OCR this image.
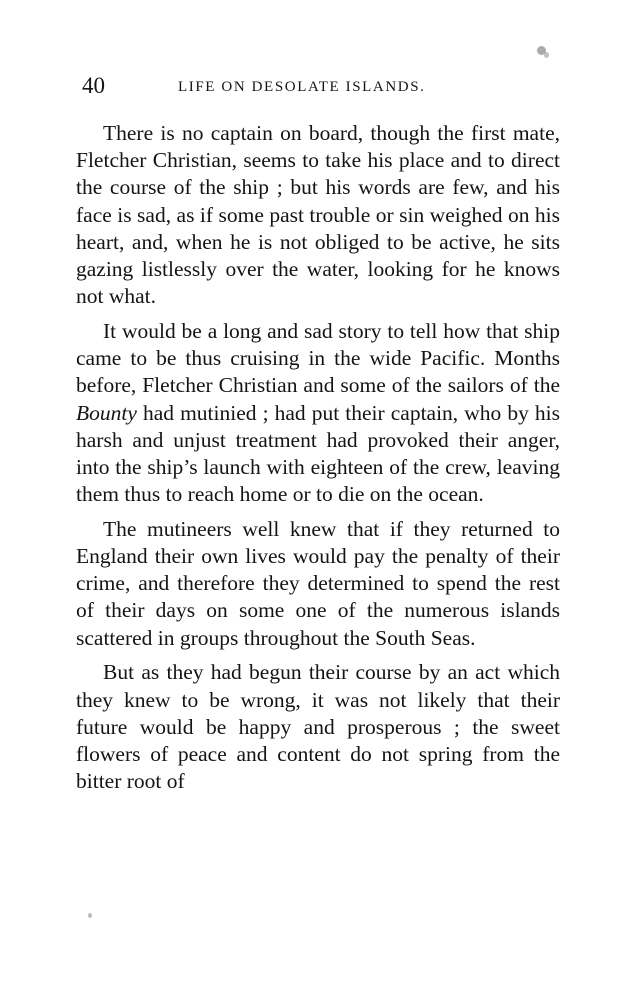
40	LIFE ON DESOLATE ISLANDS.

There is no captain on board, though the first mate, Fletcher Christian, seems to take his place and to direct the course of the ship ; but his words are few, and his face is sad, as if some past trouble or sin weighed on his heart, and, when he is not obliged to be active, he sits gazing listlessly over the water, looking for he knows not what.

It would be a long and sad story to tell how that ship came to be thus cruising in the wide Pacific. Months before, Fletcher Christian and some of the sailors of the Bounty had mutinied ; had put their captain, who by his harsh and unjust treatment had provoked their anger, into the ship’s launch with eighteen of the crew, leaving them thus to reach home or to die on the ocean.

The mutineers well knew that if they returned to England their own lives would pay the penalty of their crime, and therefore they determined to spend the rest of their days on some one of the numerous islands scattered in groups throughout the South Seas.

But as they had begun their course by an act which they knew to be wrong, it was not likely that their future would be happy and prosperous ; the sweet flowers of peace and content do not spring from the bitter root of
